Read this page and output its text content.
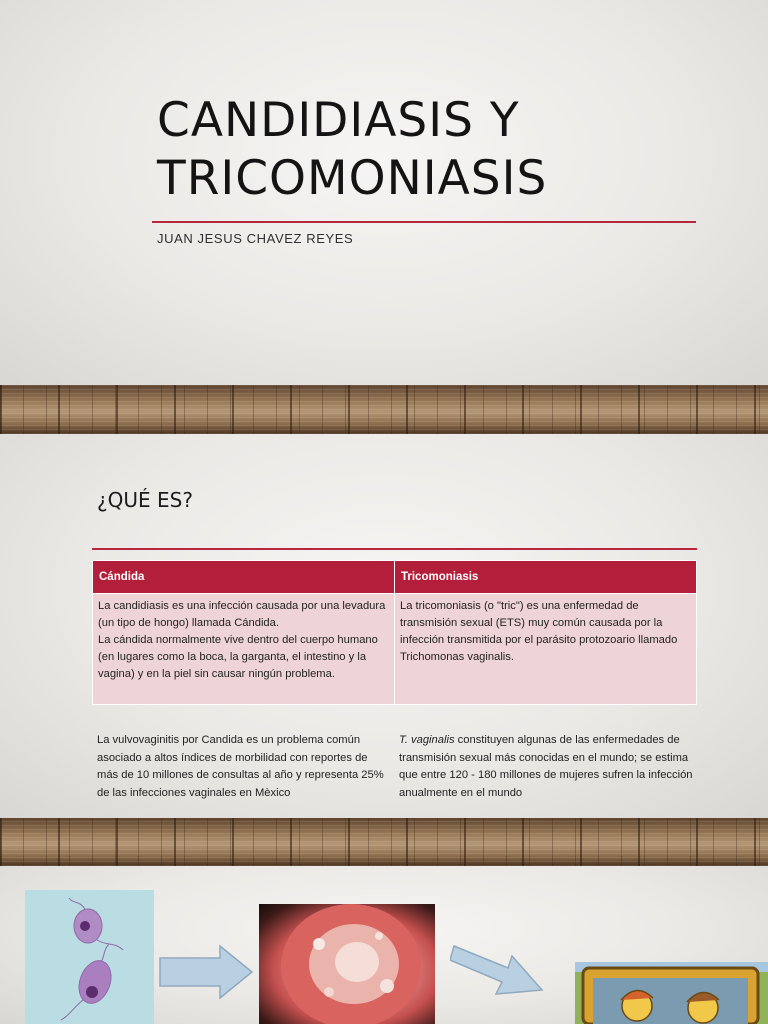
CANDIDIASIS Y
TRICOMONIASIS
JUAN JESUS CHAVEZ REYES
¿QUÉ ES?
Cándida	Tricomoniasis
La candidiasis es una infección causada por una levadura (un tipo de hongo) llamada Cándida.
La cándida normalmente vive dentro del cuerpo humano (en lugares como la boca, la garganta, el intestino y la vagina) y en la piel sin causar ningún problema.	La tricomoniasis (o "tric") es una enfermedad de transmisión sexual (ETS) muy común causada por la infección transmitida por el parásito protozoario llamado Trichomonas vaginalis.
La vulvovaginitis por Candida es un problema común asociado a altos índices de morbilidad con reportes de más de 10 millones de consultas al año y representa 25% de las infecciones vaginales en Mèxico
T. vaginalis constituyen algunas de las enfermedades de transmisión sexual más conocidas en el mundo; se estima que entre 120 - 180 millones de mujeres sufren la infección anualmente en el mundo
